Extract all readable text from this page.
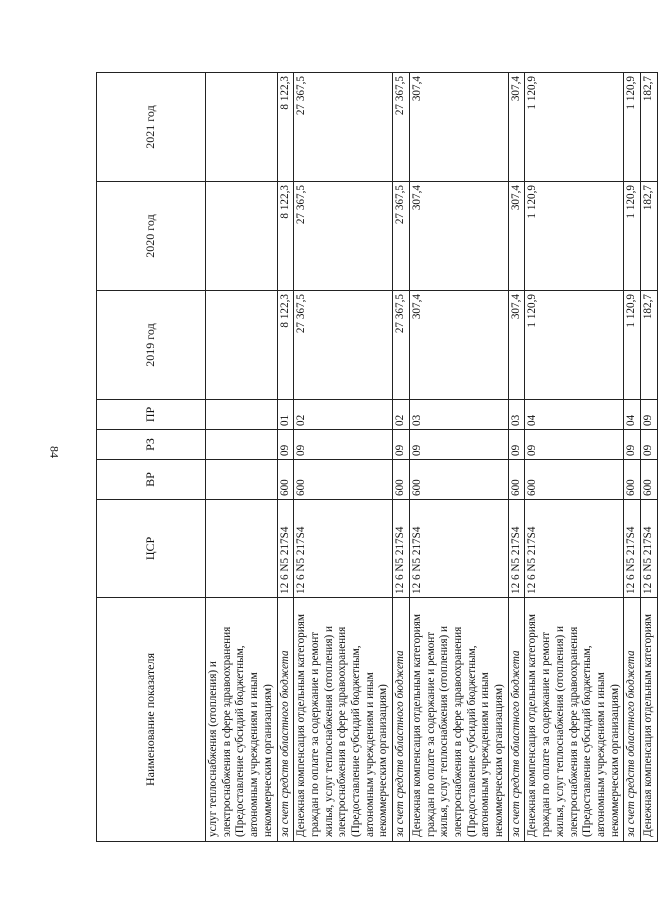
84
Наименование показателя	ЦСР	ВР	РЗ	ПР	2019 год	2020 год	2021 год
услуг теплоснабжения (отопления) и электроснабжения в сфере здравоохранения (Предоставление субсидий бюджетным, автономным учреждениям и иным некоммерческим организациям)							
за счет средств областного бюджета	12 6 N5 217S4	600	09	01	8 122,3	8 122,3	8 122,3
Денежная компенсация отдельным категориям граждан по оплате за содержание и ремонт жилья, услуг теплоснабжения (отопления) и электроснабжения в сфере здравоохранения (Предоставление субсидий бюджетным, автономным учреждениям и иным некоммерческим организациям)	12 6 N5 217S4	600	09	02	27 367,5	27 367,5	27 367,5
за счет средств областного бюджета	12 6 N5 217S4	600	09	02	27 367,5	27 367,5	27 367,5
Денежная компенсация отдельным категориям граждан по оплате за содержание и ремонт жилья, услуг теплоснабжения (отопления) и электроснабжения в сфере здравоохранения (Предоставление субсидий бюджетным, автономным учреждениям и иным некоммерческим организациям)	12 6 N5 217S4	600	09	03	307,4	307,4	307,4
за счет средств областного бюджета	12 6 N5 217S4	600	09	03	307,4	307,4	307,4
Денежная компенсация отдельным категориям граждан по оплате за содержание и ремонт жилья, услуг теплоснабжения (отопления) и электроснабжения в сфере здравоохранения (Предоставление субсидий бюджетным, автономным учреждениям и иным некоммерческим организациям)	12 6 N5 217S4	600	09	04	1 120,9	1 120,9	1 120,9
за счет средств областного бюджета	12 6 N5 217S4	600	09	04	1 120,9	1 120,9	1 120,9
Денежная компенсация отдельным категориям	12 6 N5 217S4	600	09	09	182,7	182,7	182,7
